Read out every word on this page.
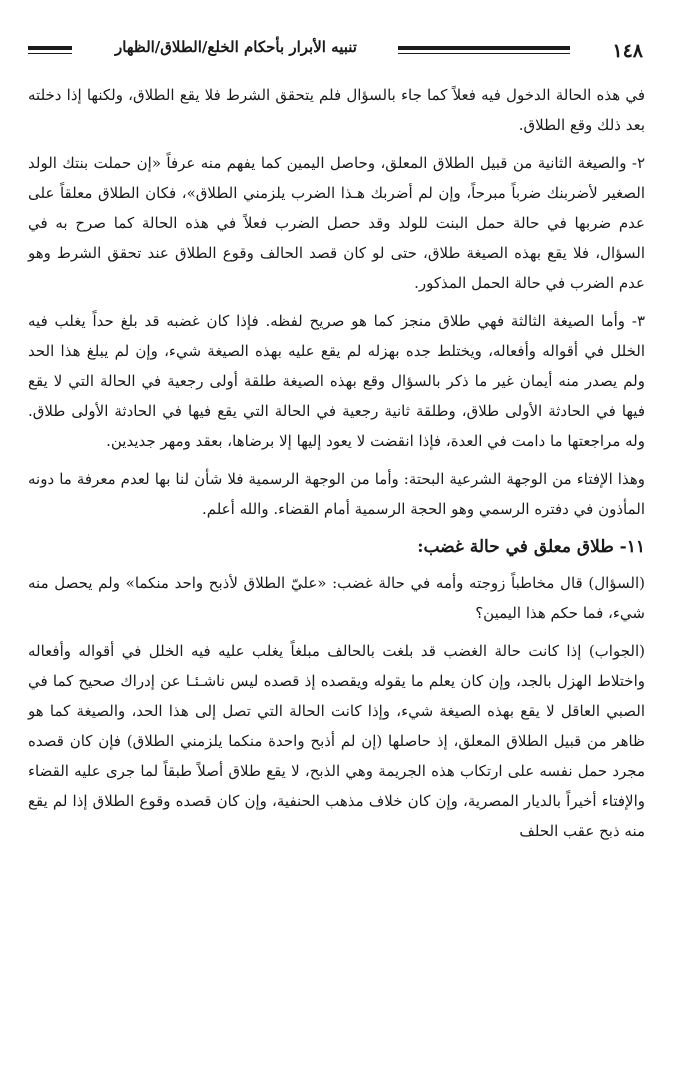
تنبيه الأبرار بأحكام الخلع/الطلاق/الظهار	١٤٨

في هذه الحالة الدخول فيه فعلاً كما جاء بالسؤال فلم يتحقق الشرط فلا يقع الطلاق، ولكنها إذا دخلته بعد ذلك وقع الطلاق.

٢- والصيغة الثانية من قبيل الطلاق المعلق، وحاصل اليمين كما يفهم منه عرفاً «إن حملت بنتك الولد الصغير لأضربنك ضرباً مبرحاً، وإن لم أضربك هـذا الضرب يلزمني الطلاق»، فكان الطلاق معلقاً على عدم ضربها في حالة حمل البنت للولد وقد حصل الضرب فعلاً في هذه الحالة كما صرح به في السؤال، فلا يقع بهذه الصيغة طلاق، حتى لو كان قصد الحالف وقوع الطلاق عند تحقق الشرط وهو عدم الضرب في حالة الحمل المذكور.

٣- وأما الصيغة الثالثة فهي طلاق منجز كما هو صريح لفظه. فإذا كان غضبه قد بلغ حداً يغلب فيه الخلل في أقواله وأفعاله، ويختلط جده بهزله لم يقع عليه بهذه الصيغة شيء، وإن لم يبلغ هذا الحد ولم يصدر منه أيمان غير ما ذكر بالسؤال وقع بهذه الصيغة طلقة أولى رجعية في الحالة التي لا يقع فيها في الحادثة الأولى طلاق، وطلقة ثانية رجعية في الحالة التي يقع فيها في الحادثة الأولى طلاق. وله مراجعتها ما دامت في العدة، فإذا انقضت لا يعود إليها إلا برضاها، بعقد ومهر جديدين.

وهذا الإفتاء من الوجهة الشرعية البحتة: وأما من الوجهة الرسمية فلا شأن لنا بها لعدم معرفة ما دونه المأذون في دفتره الرسمي وهو الحجة الرسمية أمام القضاء. والله أعلم.

١١- طلاق معلق في حالة غضب:

(السؤال) قال مخاطباً زوجته وأمه في حالة غضب: «عليّ الطلاق لأذبح واحد منكما» ولم يحصل منه شيء، فما حكم هذا اليمين؟

(الجواب) إذا كانت حالة الغضب قد بلغت بالحالف مبلغاً يغلب عليه فيه الخلل في أقواله وأفعاله واختلاط الهزل بالجد، وإن كان يعلم ما يقوله ويقصده إذ قصده ليس ناشـئـا عن إدراك صحيح كما في الصبي العاقل لا يقع بهذه الصيغة شيء، وإذا كانت الحالة التي تصل إلى هذا الحد، والصيغة كما هو ظاهر من قبيل الطلاق المعلق، إذ حاصلها (إن لم أذبح واحدة منكما يلزمني الطلاق) فإن كان قصده مجرد حمل نفسه على ارتكاب هذه الجريمة وهي الذبح، لا يقع طلاق أصلاً طبقاً لما جرى عليه القضاء والإفتاء أخيراً بالديار المصرية، وإن كان خلاف مذهب الحنفية، وإن كان قصده وقوع الطلاق إذا لم يقع منه ذبح عقب الحلف
